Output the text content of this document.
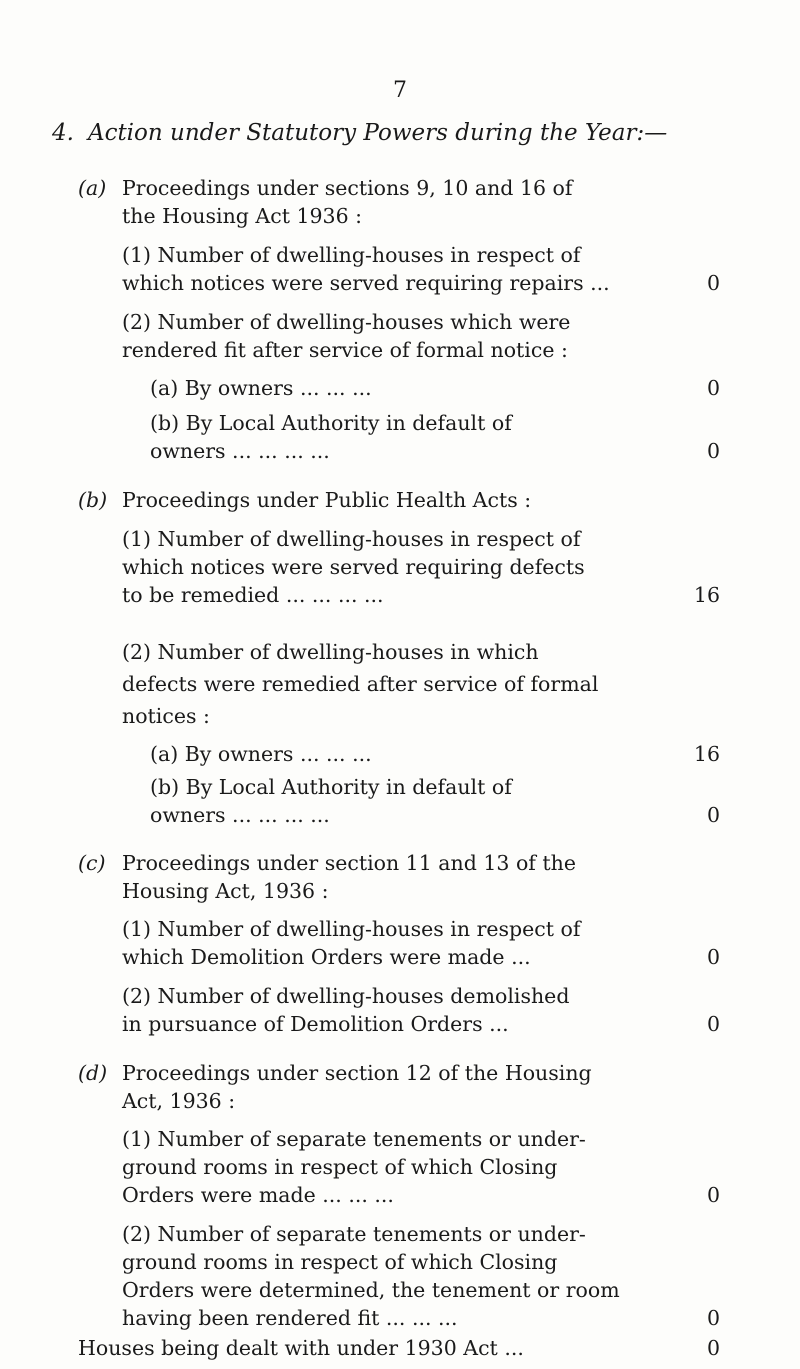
7
4. Action under Statutory Powers during the Year:—
(a) Proceedings under sections 9, 10 and 16 of
the Housing Act 1936 :
(1) Number of dwelling-houses in respect of
which notices were served requiring repairs ...	0
(2) Number of dwelling-houses which were
rendered fit after service of formal notice :
(a) By owners ... ... ...	0
(b) By Local Authority in default of
owners ... ... ... ...	0
(b) Proceedings under Public Health Acts :
(1) Number of dwelling-houses in respect of
which notices were served requiring defects
to be remedied ... ... ... ...	16
(2) Number of dwelling-houses in which
defects were remedied after service of formal
notices :
(a) By owners ... ... ...	16
(b) By Local Authority in default of
owners ... ... ... ...	0
(c) Proceedings under section 11 and 13 of the
Housing Act, 1936 :
(1) Number of dwelling-houses in respect of
which Demolition Orders were made ...	0
(2) Number of dwelling-houses demolished
in pursuance of Demolition Orders ...	0
(d) Proceedings under section 12 of the Housing
Act, 1936 :
(1) Number of separate tenements or under-
ground rooms in respect of which Closing
Orders were made ... ... ...	0
(2) Number of separate tenements or under-
ground rooms in respect of which Closing
Orders were determined, the tenement or room
having been rendered fit ... ... ...	0
Houses being dealt with under 1930 Act ...	0
